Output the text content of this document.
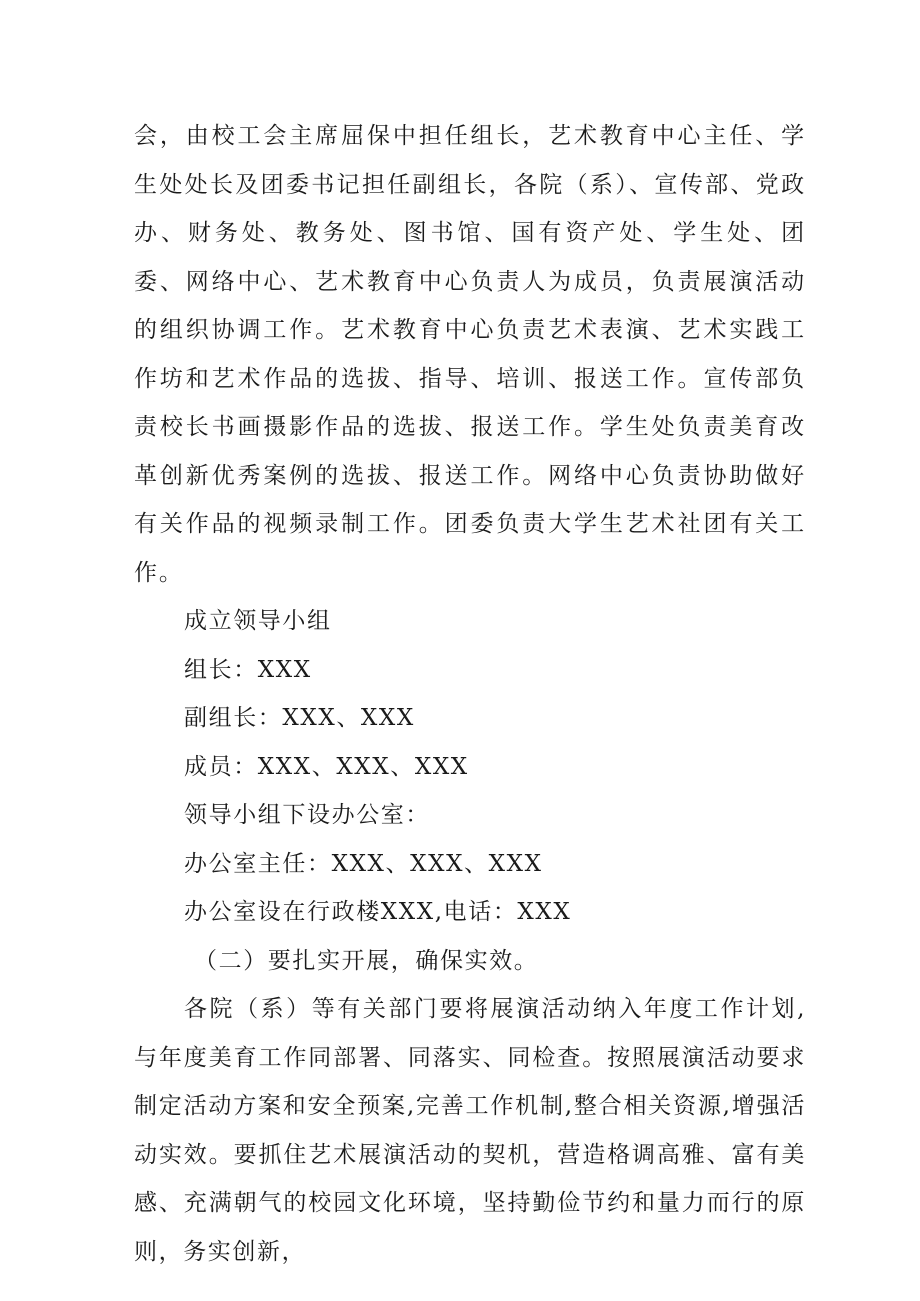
会，由校工会主席屈保中担任组长，艺术教育中心主任、学生处处长及团委书记担任副组长，各院（系）、宣传部、党政办、财务处、教务处、图书馆、国有资产处、学生处、团委、网络中心、艺术教育中心负责人为成员，负责展演活动的组织协调工作。艺术教育中心负责艺术表演、艺术实践工作坊和艺术作品的选拔、指导、培训、报送工作。宣传部负责校长书画摄影作品的选拔、报送工作。学生处负责美育改革创新优秀案例的选拔、报送工作。网络中心负责协助做好有关作品的视频录制工作。团委负责大学生艺术社团有关工作。

成立领导小组

组长：XXX

副组长：XXX、XXX

成员：XXX、XXX、XXX

领导小组下设办公室：

办公室主任：XXX、XXX、XXX

办公室设在行政楼XXX,电话：XXX

（二）要扎实开展，确保实效。

各院（系）等有关部门要将展演活动纳入年度工作计划,与年度美育工作同部署、同落实、同检查。按照展演活动要求制定活动方案和安全预案,完善工作机制,整合相关资源,增强活动实效。要抓住艺术展演活动的契机，营造格调高雅、富有美感、充满朝气的校园文化环境，坚持勤俭节约和量力而行的原则，务实创新，
